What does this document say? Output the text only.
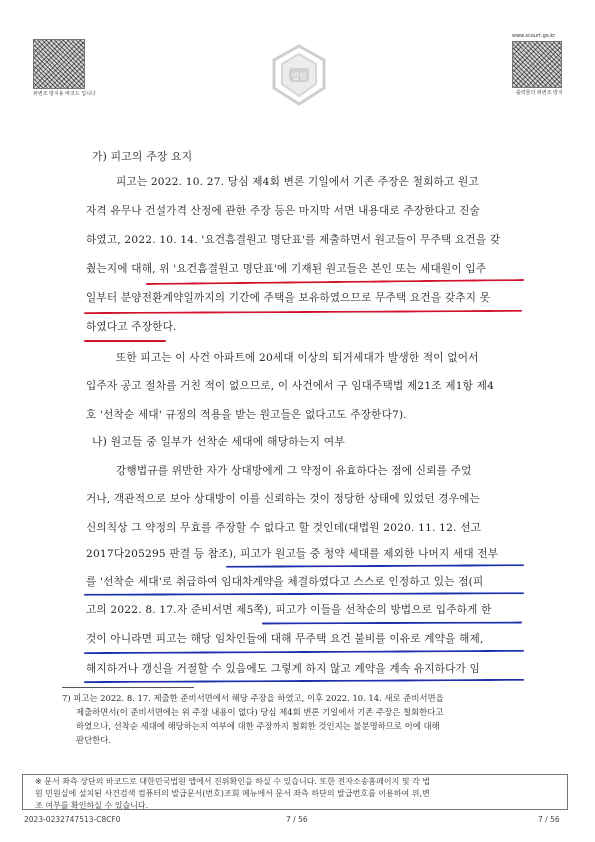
위변조 방지용 바코드 입니다
법원
www.scourt.go.kr
출력물의 위변조 방지
가) 피고의 주장 요지
피고는 2022. 10. 27. 당심 제4회 변론 기일에서 기존 주장은 철회하고 원고
자격 유무나 건설가격 산정에 관한 주장 등은 마지막 서면 내용대로 주장한다고 진술
하였고, 2022. 10. 14. '요건흠결원고 명단표'를 제출하면서 원고들이 무주택 요건을 갖
췄는지에 대해, 위 '요건흠결원고 명단표'에 기재된 원고들은 본인 또는 세대원이 입주
일부터 분양전환계약일까지의 기간에 주택을 보유하였으므로 무주택 요건을 갖추지 못
하였다고 주장한다.
또한 피고는 이 사건 아파트에 20세대 이상의 퇴거세대가 발생한 적이 없어서
입주자 공고 절차를 거친 적이 없으므로, 이 사건에서 구 임대주택법 제21조 제1항 제4
호 '선착순 세대' 규정의 적용을 받는 원고들은 없다고도 주장한다7).
나) 원고들 중 일부가 선착순 세대에 해당하는지 여부
강행법규를 위반한 자가 상대방에게 그 약정이 유효하다는 점에 신뢰를 주었
거나, 객관적으로 보아 상대방이 이를 신뢰하는 것이 정당한 상태에 있었던 경우에는
신의칙상 그 약정의 무효를 주장할 수 없다고 할 것인데(대법원 2020. 11. 12. 선고
2017다205295 판결 등 참조), 피고가 원고들 중 청약 세대를 제외한 나머지 세대 전부
를 '선착순 세대'로 취급하여 임대차계약을 체결하였다고 스스로 인정하고 있는 점(피
고의 2022. 8. 17.자 준비서면 제5쪽), 피고가 이들을 선착순의 방법으로 입주하게 한
것이 아니라면 피고는 해당 임차인들에 대해 무주택 요건 불비를 이유로 계약을 해제,
해지하거나 갱신을 거절할 수 있음에도 그렇게 하지 않고 계약을 계속 유지하다가 임
7) 피고는 2022. 8. 17. 제출한 준비서면에서 해당 주장을 하였고, 이후 2022. 10. 14. 새로 준비서면을
제출하면서(이 준비서면에는 위 주장 내용이 없다) 당심 제4회 변론 기일에서 기존 주장은 철회한다고
하였으나, 선착순 세대에 해당하는지 여부에 대한 주장까지 철회한 것인지는 불분명하므로 이에 대해
판단한다.
※ 문서 좌측 상단의 바코드로 대한민국법원 앱에서 진위확인을 하실 수 있습니다. 또한 전자소송홈페이지 및 각 법
원 민원실에 설치된 사건검색 컴퓨터의 발급문서(번호)조회 메뉴에서 문서 좌측 하단의 발급번호를 이용하여 위,변
조 여부를 확인하실 수 있습니다.
2023-0232747513-C8CF0	7 / 56	7 / 56
